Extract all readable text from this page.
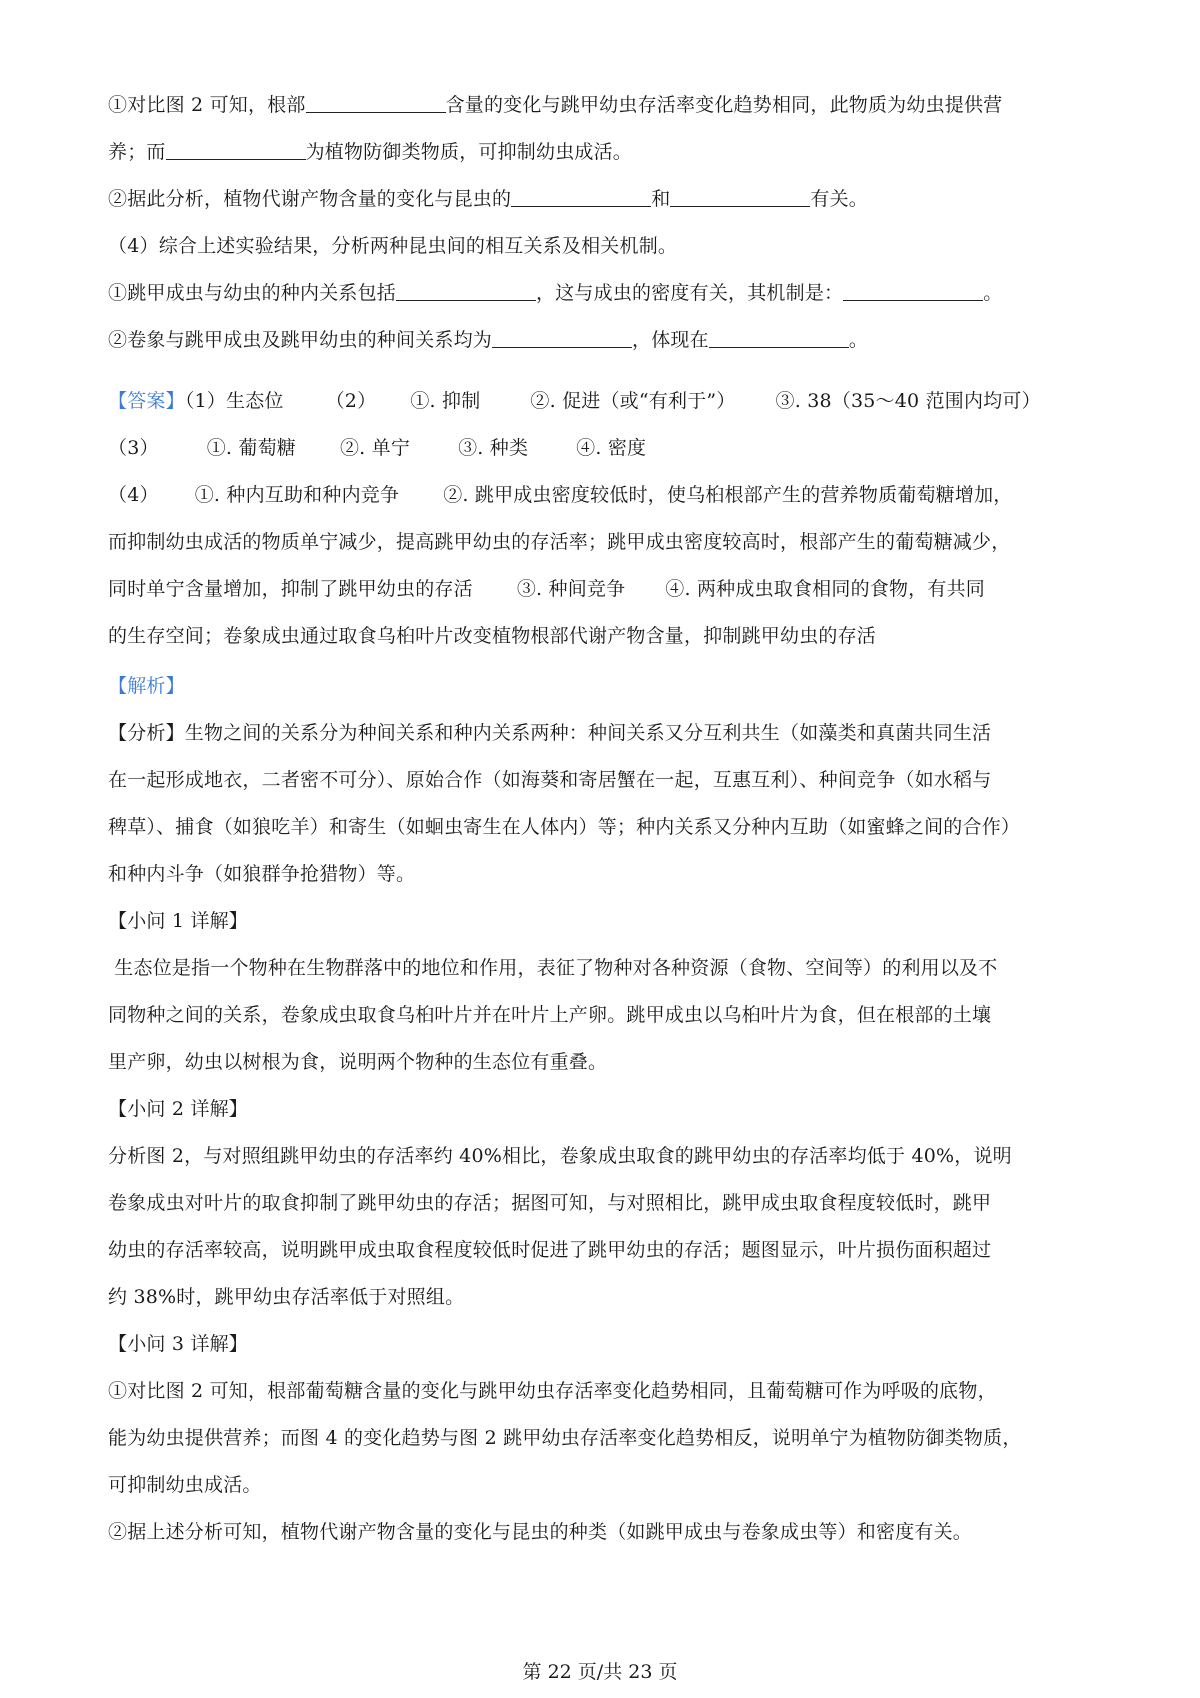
①对比图 2 可知，根部	含量的变化与跳甲幼虫存活率变化趋势相同，此物质为幼虫提供营
养；而	为植物防御类物质，可抑制幼虫成活。
②据此分析，植物代谢产物含量的变化与昆虫的	和	有关。
（4）综合上述实验结果，分析两种昆虫间的相互关系及相关机制。
①跳甲成虫与幼虫的种内关系包括	，这与成虫的密度有关，其机制是：	。
②卷象与跳甲成虫及跳甲幼虫的种间关系均为	，体现在	。
【答案】（1）生态位 （2） ①. 抑制	②. 促进（或“有利于”） ③. 38（35～40 范围内均可）
（3）	①. 葡萄糖 ②. 单宁	③. 种类	④. 密度
（4） ①. 种内互助和种内竞争 ②. 跳甲成虫密度较低时，使乌桕根部产生的营养物质葡萄糖增加，
而抑制幼虫成活的物质单宁减少，提高跳甲幼虫的存活率；跳甲成虫密度较高时，根部产生的葡萄糖减少，
同时单宁含量增加，抑制了跳甲幼虫的存活 ③. 种间竞争 ④. 两种成虫取食相同的食物，有共同
的生存空间；卷象成虫通过取食乌桕叶片改变植物根部代谢产物含量，抑制跳甲幼虫的存活
【解析】
【分析】生物之间的关系分为种间关系和种内关系两种：种间关系又分互利共生（如藻类和真菌共同生活
在一起形成地衣，二者密不可分）、原始合作（如海葵和寄居蟹在一起，互惠互利）、种间竞争（如水稻与
稗草）、捕食（如狼吃羊）和寄生（如蛔虫寄生在人体内）等；种内关系又分种内互助（如蜜蜂之间的合作）
和种内斗争（如狼群争抢猎物）等。
【小问 1 详解】
生态位是指一个物种在生物群落中的地位和作用，表征了物种对各种资源（食物、空间等）的利用以及不
同物种之间的关系，卷象成虫取食乌桕叶片并在叶片上产卵。跳甲成虫以乌桕叶片为食，但在根部的土壤
里产卵，幼虫以树根为食，说明两个物种的生态位有重叠。
【小问 2 详解】
分析图 2，与对照组跳甲幼虫的存活率约 40%相比，卷象成虫取食的跳甲幼虫的存活率均低于 40%，说明
卷象成虫对叶片的取食抑制了跳甲幼虫的存活；据图可知，与对照相比，跳甲成虫取食程度较低时，跳甲
幼虫的存活率较高，说明跳甲成虫取食程度较低时促进了跳甲幼虫的存活；题图显示，叶片损伤面积超过
约 38%时，跳甲幼虫存活率低于对照组。
【小问 3 详解】
①对比图 2 可知，根部葡萄糖含量的变化与跳甲幼虫存活率变化趋势相同，且葡萄糖可作为呼吸的底物，
能为幼虫提供营养；而图 4 的变化趋势与图 2 跳甲幼虫存活率变化趋势相反，说明单宁为植物防御类物质，
可抑制幼虫成活。
②据上述分析可知，植物代谢产物含量的变化与昆虫的种类（如跳甲成虫与卷象成虫等）和密度有关。
第 22 页/共 23 页
